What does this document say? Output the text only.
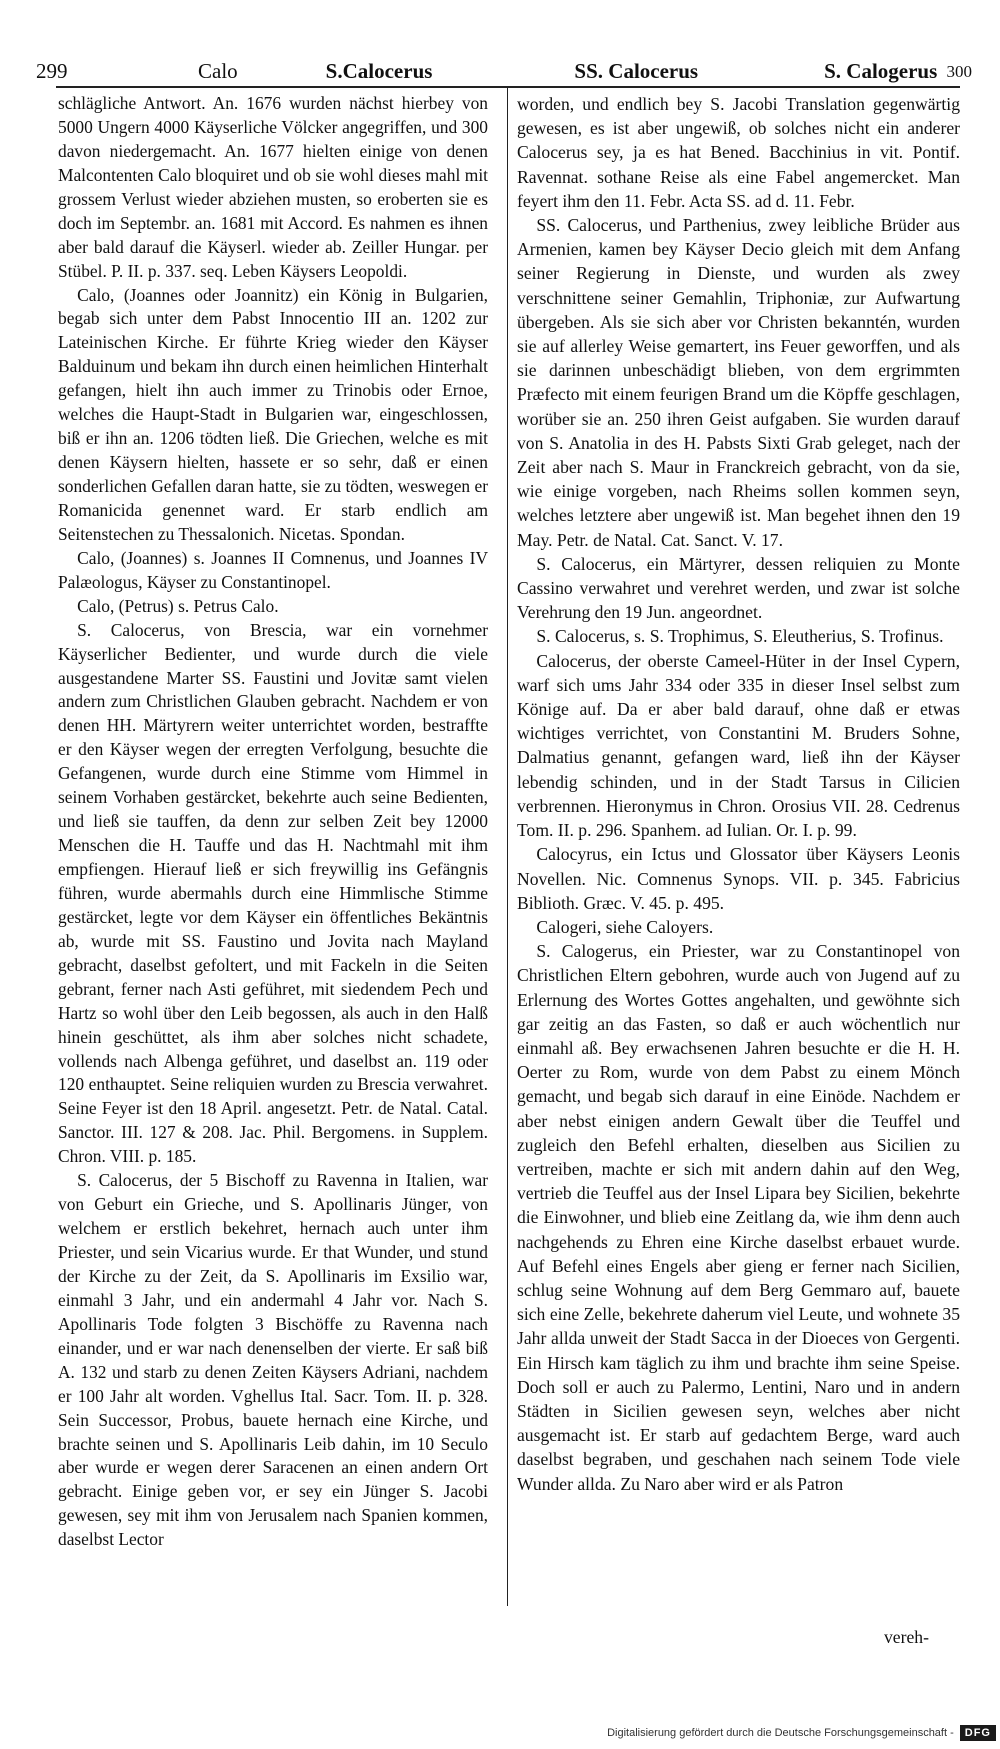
299	Calo	S.Calocerus	SS. Calocerus	S. Calogerus 300

schlägliche Antwort. An. 1676 wurden nächst hierbey von 5000 Ungern 4000 Käyserliche Völcker angegriffen, und 300 davon niedergemacht. An. 1677 hielten einige von denen Malcontenten Calo bloquiret und ob sie wohl dieses mahl mit grossem Verlust wieder abziehen musten, so eroberten sie es doch im Septembr. an. 1681 mit Accord. Es nahmen es ihnen aber bald darauf die Käyserl. wieder ab. Zeiller Hungar. per Stübel. P. II. p. 337. seq. Leben Käysers Leopoldi.

Calo, (Joannes oder Joannitz) ein König in Bulgarien, begab sich unter dem Pabst Innocentio III an. 1202 zur Lateinischen Kirche. Er führte Krieg wieder den Käyser Balduinum und bekam ihn durch einen heimlichen Hinterhalt gefangen, hielt ihn auch immer zu Trinobis oder Ernoe, welches die Haupt-Stadt in Bulgarien war, eingeschlossen, biß er ihn an. 1206 tödten ließ. Die Griechen, welche es mit denen Käysern hielten, hassete er so sehr, daß er einen sonderlichen Gefallen daran hatte, sie zu tödten, weswegen er Romanicida genennet ward. Er starb endlich am Seitenstechen zu Thessalonich. Nicetas. Spondan.

Calo, (Joannes) s. Joannes II Comnenus, und Joannes IV Palæologus, Käyser zu Constantinopel.

Calo, (Petrus) s. Petrus Calo.

S. Calocerus, von Brescia, war ein vornehmer Käyserlicher Bedienter, und wurde durch die viele ausgestandene Marter SS. Faustini und Jovitæ samt vielen andern zum Christlichen Glauben gebracht. Nachdem er von denen HH. Märtyrern weiter unterrichtet worden, bestraffte er den Käyser wegen der erregten Verfolgung, besuchte die Gefangenen, wurde durch eine Stimme vom Himmel in seinem Vorhaben gestärcket, bekehrte auch seine Bedienten, und ließ sie tauffen, da denn zur selben Zeit bey 12000 Menschen die H. Tauffe und das H. Nachtmahl mit ihm empfiengen. Hierauf ließ er sich freywillig ins Gefängnis führen, wurde abermahls durch eine Himmlische Stimme gestärcket, legte vor dem Käyser ein öffentliches Bekäntnis ab, wurde mit SS. Faustino und Jovita nach Mayland gebracht, daselbst gefoltert, und mit Fackeln in die Seiten gebrant, ferner nach Asti geführet, mit siedendem Pech und Hartz so wohl über den Leib begossen, als auch in den Halß hinein geschüttet, als ihm aber solches nicht schadete, vollends nach Albenga geführet, und daselbst an. 119 oder 120 enthauptet. Seine reliquien wurden zu Brescia verwahret. Seine Feyer ist den 18 April. angesetzt. Petr. de Natal. Catal. Sanctor. III. 127 & 208. Jac. Phil. Bergomens. in Supplem. Chron. VIII. p. 185.

S. Calocerus, der 5 Bischoff zu Ravenna in Italien, war von Geburt ein Grieche, und S. Apollinaris Jünger, von welchem er erstlich bekehret, hernach auch unter ihm Priester, und sein Vicarius wurde. Er that Wunder, und stund der Kirche zu der Zeit, da S. Apollinaris im Exsilio war, einmahl 3 Jahr, und ein andermahl 4 Jahr vor. Nach S. Apollinaris Tode folgten 3 Bischöffe zu Ravenna nach einander, und er war nach denenselben der vierte. Er saß biß A. 132 und starb zu denen Zeiten Käysers Adriani, nachdem er 100 Jahr alt worden. Vghellus Ital. Sacr. Tom. II. p. 328. Sein Successor, Probus, bauete hernach eine Kirche, und brachte seinen und S. Apollinaris Leib dahin, im 10 Seculo aber wurde er wegen derer Saracenen an einen andern Ort gebracht. Einige geben vor, er sey ein Jünger S. Jacobi gewesen, sey mit ihm von Jerusalem nach Spanien kommen, daselbst Lector

worden, und endlich bey S. Jacobi Translation gegenwärtig gewesen, es ist aber ungewiß, ob solches nicht ein anderer Calocerus sey, ja es hat Bened. Bacchinius in vit. Pontif. Ravennat. sothane Reise als eine Fabel angemercket. Man feyert ihm den 11. Febr. Acta SS. ad d. 11. Febr.

SS. Calocerus, und Parthenius, zwey leibliche Brüder aus Armenien, kamen bey Käyser Decio gleich mit dem Anfang seiner Regierung in Dienste, und wurden als zwey verschnittene seiner Gemahlin, Triphoniæ, zur Aufwartung übergeben. Als sie sich aber vor Christen bekanntén, wurden sie auf allerley Weise gemartert, ins Feuer geworffen, und als sie darinnen unbeschädigt blieben, von dem ergrimmten Præfecto mit einem feurigen Brand um die Köpffe geschlagen, worüber sie an. 250 ihren Geist aufgaben. Sie wurden darauf von S. Anatolia in des H. Pabsts Sixti Grab geleget, nach der Zeit aber nach S. Maur in Franckreich gebracht, von da sie, wie einige vorgeben, nach Rheims sollen kommen seyn, welches letztere aber ungewiß ist. Man begehet ihnen den 19 May. Petr. de Natal. Cat. Sanct. V. 17.

S. Calocerus, ein Märtyrer, dessen reliquien zu Monte Cassino verwahret und verehret werden, und zwar ist solche Verehrung den 19 Jun. angeordnet.

S. Calocerus, s. S. Trophimus, S. Eleutherius, S. Trofinus.

Calocerus, der oberste Cameel-Hüter in der Insel Cypern, warf sich ums Jahr 334 oder 335 in dieser Insel selbst zum Könige auf. Da er aber bald darauf, ohne daß er etwas wichtiges verrichtet, von Constantini M. Bruders Sohne, Dalmatius genannt, gefangen ward, ließ ihn der Käyser lebendig schinden, und in der Stadt Tarsus in Cilicien verbrennen. Hieronymus in Chron. Orosius VII. 28. Cedrenus Tom. II. p. 296. Spanhem. ad Iulian. Or. I. p. 99.

Calocyrus, ein Ictus und Glossator über Käysers Leonis Novellen. Nic. Comnenus Synops. VII. p. 345. Fabricius Biblioth. Græc. V. 45. p. 495.

Calogeri, siehe Caloyers.

S. Calogerus, ein Priester, war zu Constantinopel von Christlichen Eltern gebohren, wurde auch von Jugend auf zu Erlernung des Wortes Gottes angehalten, und gewöhnte sich gar zeitig an das Fasten, so daß er auch wöchentlich nur einmahl aß. Bey erwachsenen Jahren besuchte er die H. H. Oerter zu Rom, wurde von dem Pabst zu einem Mönch gemacht, und begab sich darauf in eine Einöde. Nachdem er aber nebst einigen andern Gewalt über die Teuffel und zugleich den Befehl erhalten, dieselben aus Sicilien zu vertreiben, machte er sich mit andern dahin auf den Weg, vertrieb die Teuffel aus der Insel Lipara bey Sicilien, bekehrte die Einwohner, und blieb eine Zeitlang da, wie ihm denn auch nachgehends zu Ehren eine Kirche daselbst erbauet wurde. Auf Befehl eines Engels aber gieng er ferner nach Sicilien, schlug seine Wohnung auf dem Berg Gemmaro auf, bauete sich eine Zelle, bekehrete daherum viel Leute, und wohnete 35 Jahr allda unweit der Stadt Sacca in der Dioeces von Gergenti. Ein Hirsch kam täglich zu ihm und brachte ihm seine Speise. Doch soll er auch zu Palermo, Lentini, Naro und in andern Städten in Sicilien gewesen seyn, welches aber nicht ausgemacht ist. Er starb auf gedachtem Berge, ward auch daselbst begraben, und geschahen nach seinem Tode viele Wunder allda. Zu Naro aber wird er als Patron

vereh-
Digitalisierung gefördert durch die Deutsche Forschungsgemeinschaft -	DFG
